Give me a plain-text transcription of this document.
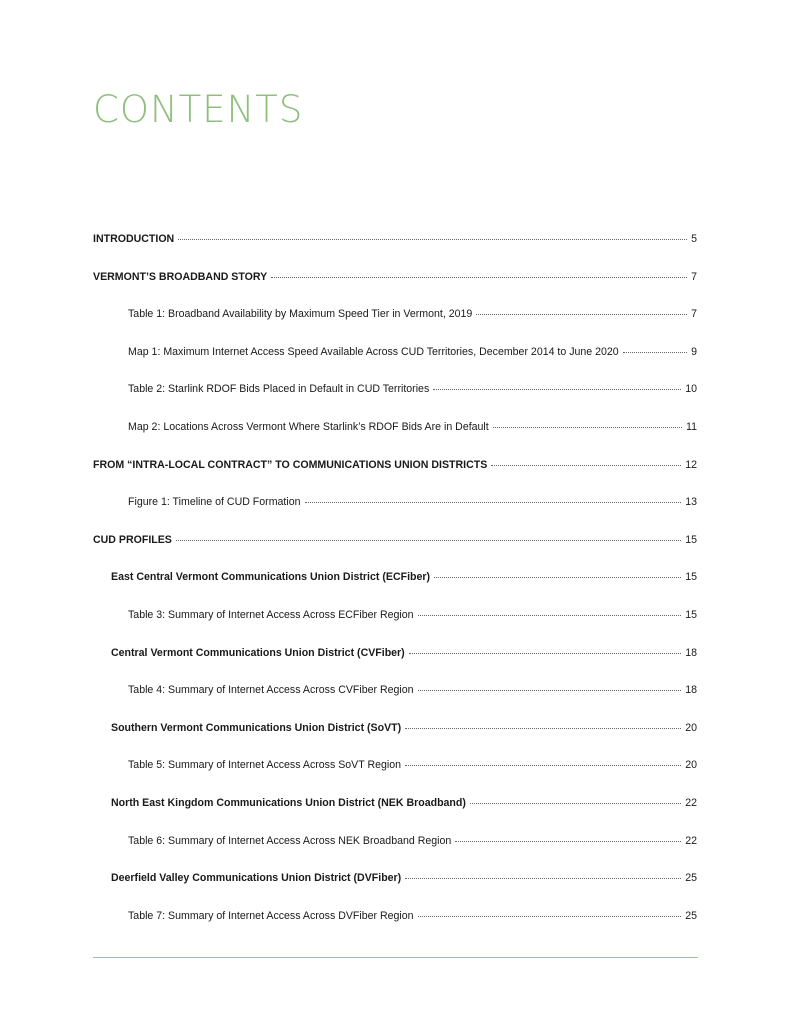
CONTENTS
INTRODUCTION	5
VERMONT’S BROADBAND STORY	7
Table 1: Broadband Availability by Maximum Speed Tier in Vermont, 2019	7
Map 1: Maximum Internet Access Speed Available Across CUD Territories, December 2014 to June 2020	9
Table 2: Starlink RDOF Bids Placed in Default in CUD Territories	10
Map 2: Locations Across Vermont Where Starlink’s RDOF Bids Are in Default	11
FROM “INTRA-LOCAL CONTRACT” TO COMMUNICATIONS UNION DISTRICTS	12
Figure 1: Timeline of CUD Formation	13
CUD PROFILES	15
East Central Vermont Communications Union District (ECFiber)	15
Table 3: Summary of Internet Access Across ECFiber Region	15
Central Vermont Communications Union District (CVFiber)	18
Table 4: Summary of Internet Access Across CVFiber Region	18
Southern Vermont Communications Union District (SoVT)	20
Table 5: Summary of Internet Access Across SoVT Region	20
North East Kingdom Communications Union District (NEK Broadband)	22
Table 6: Summary of Internet Access Across NEK Broadband Region	22
Deerfield Valley Communications Union District (DVFiber)	25
Table 7: Summary of Internet Access Across DVFiber Region	25
